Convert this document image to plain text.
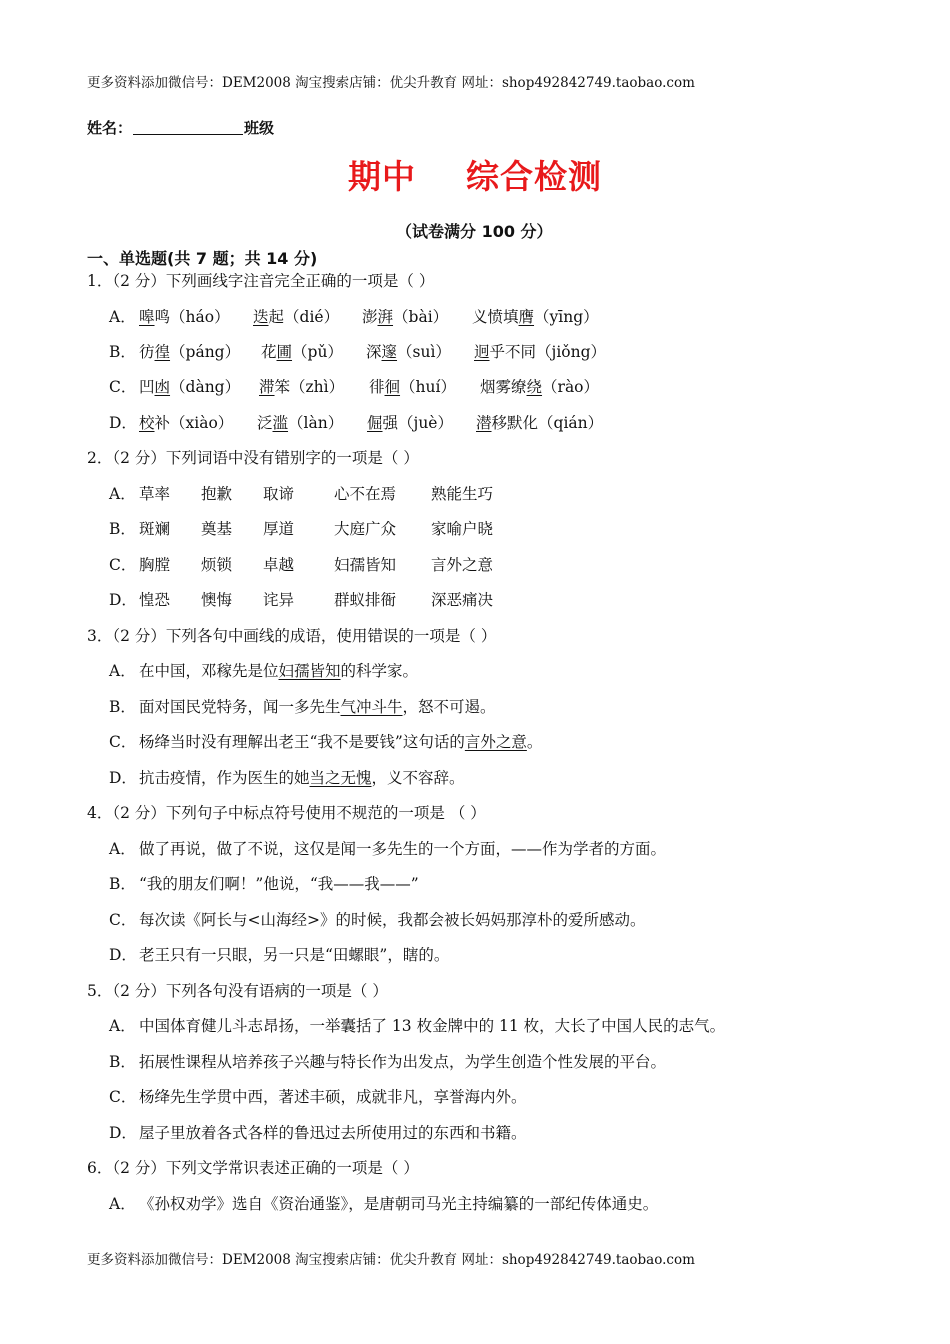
更多资料添加微信号：DEM2008 淘宝搜索店铺：优尖升教育 网址：shop492842749.taobao.com
姓名：	班级
期中    综合检测
（试卷满分 100 分）
一、单选题(共 7 题；共 14 分)
1．（2 分）下列画线字注音完全正确的一项是（ ）
A． 嗥鸣（háo） 迭起（dié） 澎湃（bài） 义愤填膺（yīng）
B． 彷徨（páng） 花圃（pǔ） 深邃（suì） 迥乎不同（jiǒng）
C． 凹凼（dàng） 滞笨（zhì） 徘徊（huí） 烟雾缭绕（rào）
D． 校补（xiào） 泛滥（làn） 倔强（juè） 潜移默化（qián）
2．（2 分）下列词语中没有错别字的一项是（ ）
A． 草率 抱歉 取谛	心不在焉 熟能生巧
B． 斑斓 奠基 厚道	大庭广众 家喻户晓
C． 胸膛 烦锁 卓越	妇孺皆知 言外之意
D． 惶恐 懊悔 诧异	群蚁排衙 深恶痛决
3．（2 分）下列各句中画线的成语，使用错误的一项是（ ）
A． 在中国，邓稼先是位妇孺皆知的科学家。
B． 面对国民党特务，闻一多先生气冲斗牛，怒不可遏。
C． 杨绛当时没有理解出老王“我不是要钱”这句话的言外之意。
D． 抗击疫情，作为医生的她当之无愧，义不容辞。
4．（2 分）下列句子中标点符号使用不规范的一项是 （ ）
A． 做了再说，做了不说，这仅是闻一多先生的一个方面，——作为学者的方面。
B． “我的朋友们啊！”他说，“我——我——”
C． 每次读《阿长与<山海经>》的时候，我都会被长妈妈那淳朴的爱所感动。
D． 老王只有一只眼，另一只是“田螺眼”，瞎的。
5．（2 分）下列各句没有语病的一项是（ ）
A． 中国体育健儿斗志昂扬，一举囊括了 13 枚金牌中的 11 枚，大长了中国人民的志气。
B． 拓展性课程从培养孩子兴趣与特长作为出发点，为学生创造个性发展的平台。
C． 杨绛先生学贯中西，著述丰硕，成就非凡，享誉海内外。
D． 屋子里放着各式各样的鲁迅过去所使用过的东西和书籍。
6．（2 分）下列文学常识表述正确的一项是（ ）
A． 《孙权劝学》选自《资治通鉴》，是唐朝司马光主持编纂的一部纪传体通史。
更多资料添加微信号：DEM2008 淘宝搜索店铺：优尖升教育 网址：shop492842749.taobao.com
